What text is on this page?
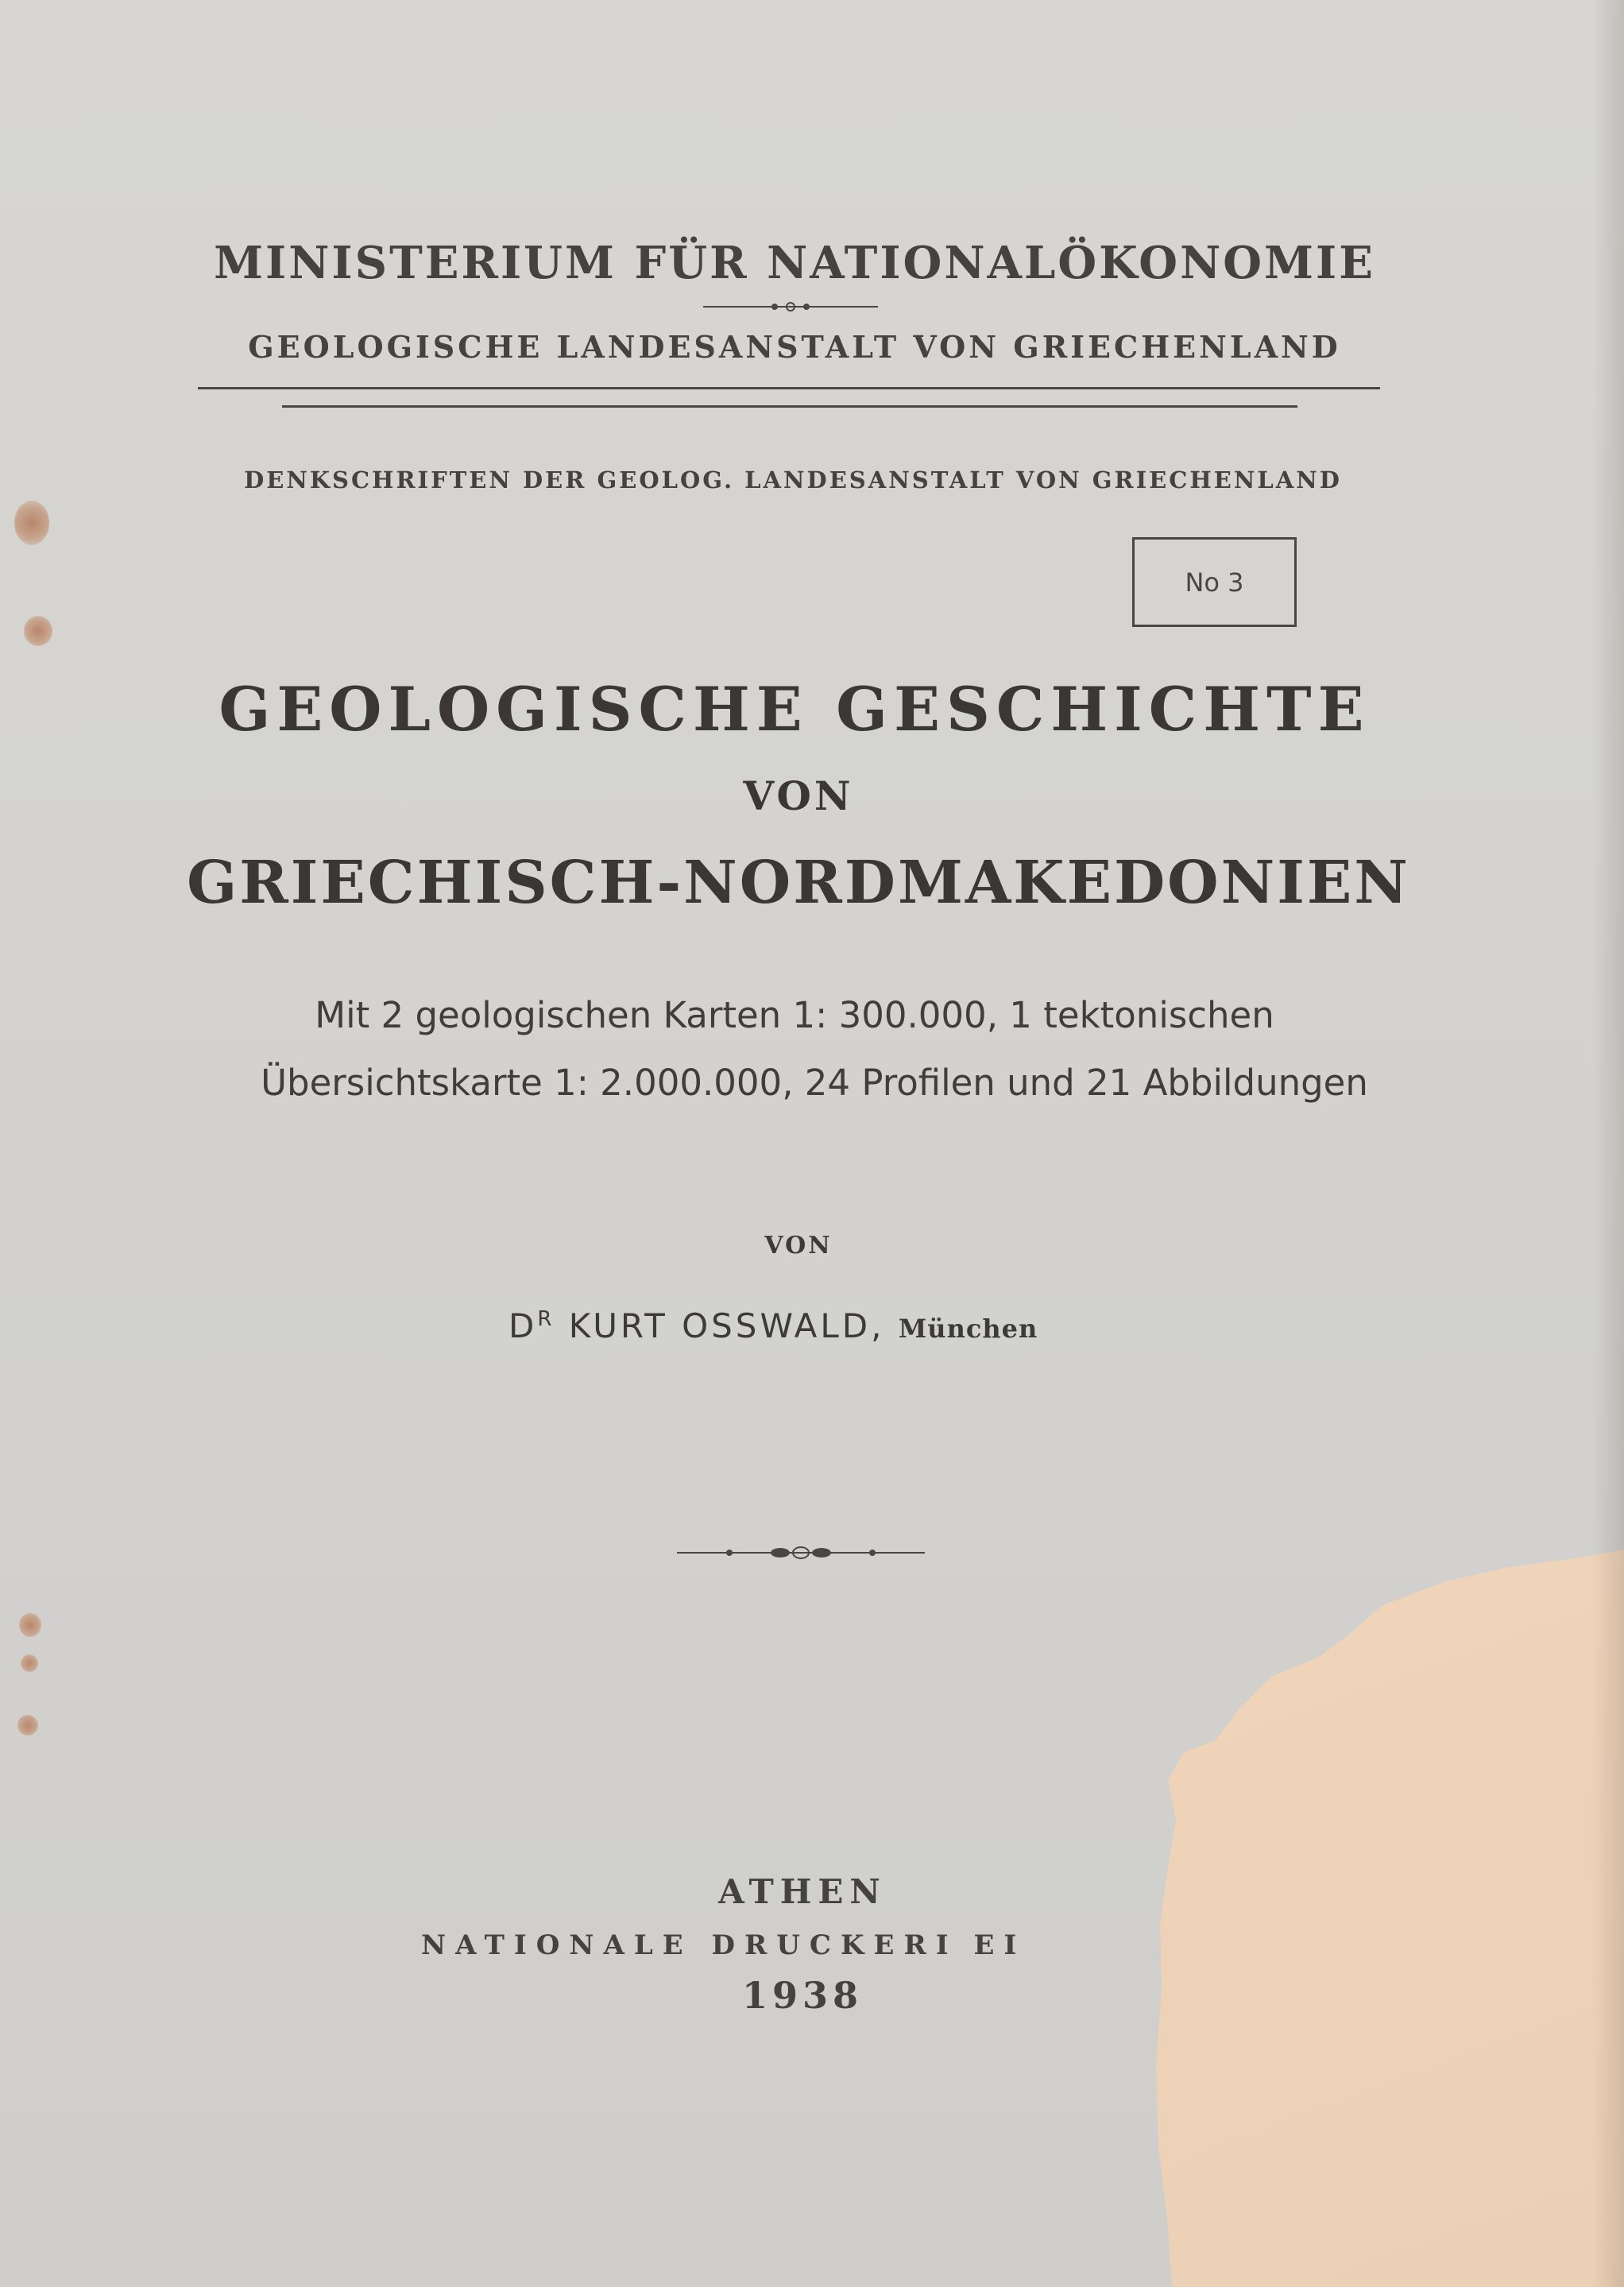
MINISTERIUM FÜR NATIONALÖKONOMIE
GEOLOGISCHE LANDESANSTALT VON GRIECHENLAND
DENKSCHRIFTEN DER GEOLOG. LANDESANSTALT VON GRIECHENLAND
No 3
GEOLOGISCHE GESCHICHTE
VON
GRIECHISCH-NORDMAKEDONIEN
Mit 2 geologischen Karten 1: 300.000, 1 tektonischen
Übersichtskarte 1: 2.000.000, 24 Profilen und 21 Abbildungen
VON
$D^R$ KURT OSSWALD, München
ATHEN
NATIONALE DRUCKERI EI
1938
